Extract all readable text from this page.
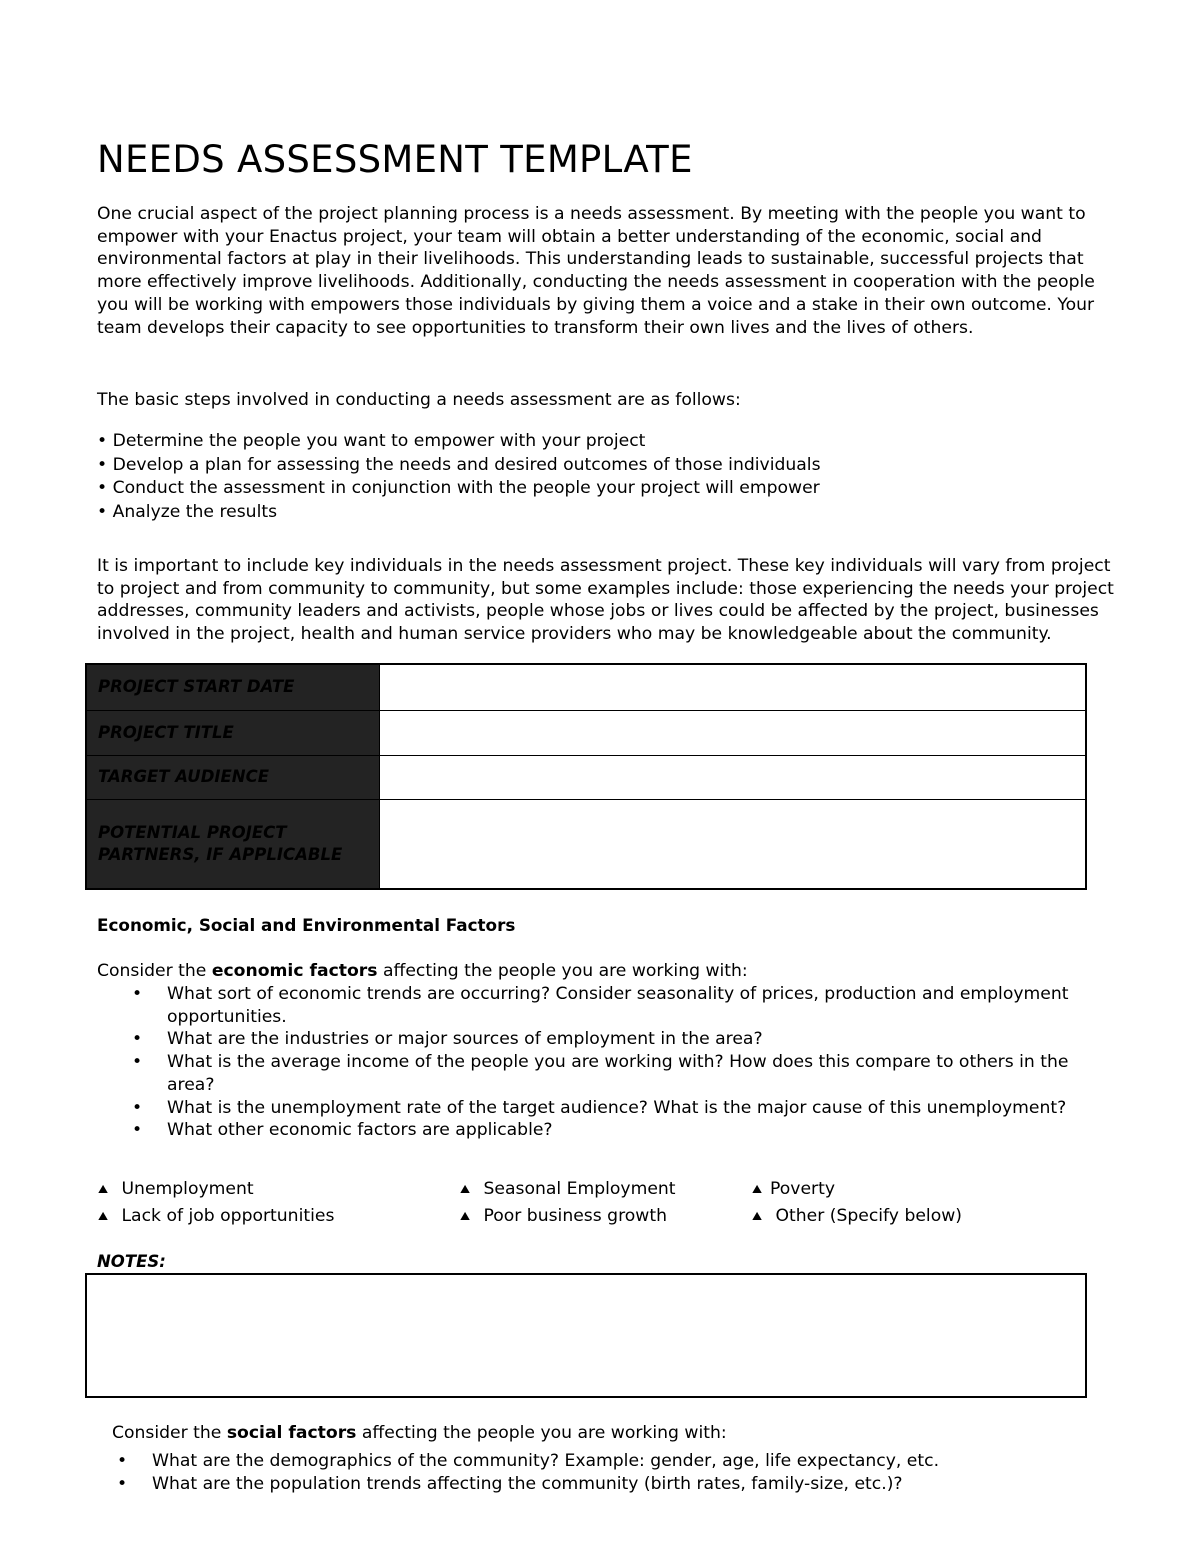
NEEDS ASSESSMENT TEMPLATE
One crucial aspect of the project planning process is a needs assessment. By meeting with the people you want to
empower with your Enactus project, your team will obtain a better understanding of the economic, social and
environmental factors at play in their livelihoods. This understanding leads to sustainable, successful projects that
more effectively improve livelihoods. Additionally, conducting the needs assessment in cooperation with the people
you will be working with empowers those individuals by giving them a voice and a stake in their own outcome. Your
team develops their capacity to see opportunities to transform their own lives and the lives of others.
The basic steps involved in conducting a needs assessment are as follows:
• Determine the people you want to empower with your project
• Develop a plan for assessing the needs and desired outcomes of those individuals
• Conduct the assessment in conjunction with the people your project will empower
• Analyze the results
It is important to include key individuals in the needs assessment project. These key individuals will vary from project
to project and from community to community, but some examples include: those experiencing the needs your project
addresses, community leaders and activists, people whose jobs or lives could be affected by the project, businesses
involved in the project, health and human service providers who may be knowledgeable about the community.
PROJECT START DATE	
PROJECT TITLE	
TARGET AUDIENCE	
POTENTIAL PROJECT
PARTNERS, IF APPLICABLE	
Economic, Social and Environmental Factors
Consider the economic factors affecting the people you are working with:
• What sort of economic trends are occurring? Consider seasonality of prices, production and employment
opportunities.
• What are the industries or major sources of employment in the area?
• What is the average income of the people you are working with? How does this compare to others in the
area?
• What is the unemployment rate of the target audience? What is the major cause of this unemployment?
• What other economic factors are applicable?
⛰ Unemployment	⛰ Seasonal Employment	⛰ Poverty
⛰ Lack of job opportunities	⛰ Poor business growth	⛰ Other (Specify below)
NOTES:
Consider the social factors affecting the people you are working with:
• What are the demographics of the community? Example: gender, age, life expectancy, etc.
• What are the population trends affecting the community (birth rates, family-size, etc.)?
